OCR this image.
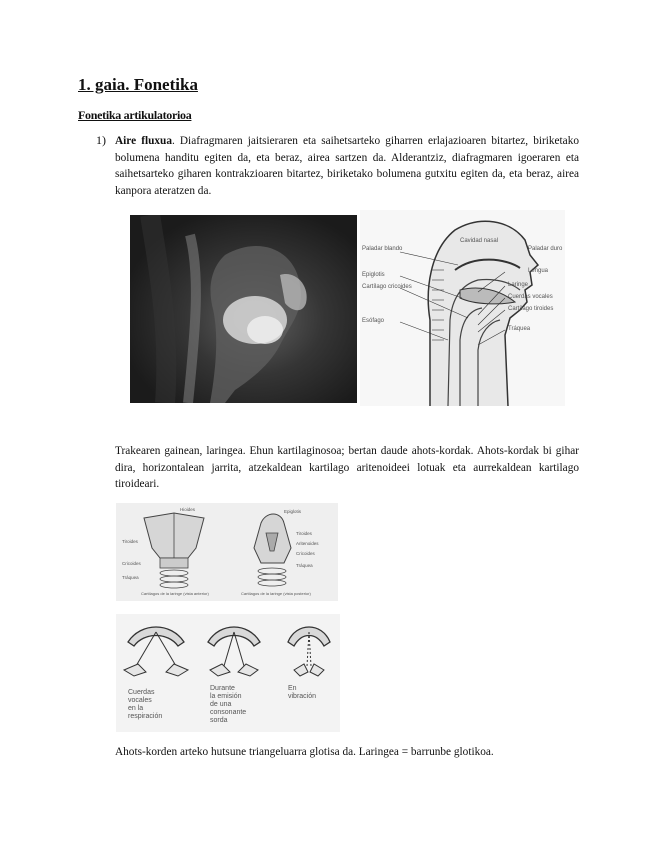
1. gaia. Fonetika
Fonetika artikulatorioa
1) Aire fluxua. Diafragmaren jaitsieraren eta saihetsarteko giharren erlajazioaren bitartez, biriketako bolumena handitu egiten da, eta beraz, airea sartzen da. Alderantziz, diafragmaren igoeraren eta saihetsarteko giharen kontrakzioaren bitartez, biriketako bolumena gutxitu egiten da, eta beraz, airea kanpora ateratzen da.
Paladar blando
Cavidad nasal
Paladar duro
Epiglotis
Cartílago cricoides
Esófago
Lengua
Laringe
Cuerdas vocales
Cartílago tiroides
Tráquea
Trakearen gainean, laringea. Ehun kartilaginosoa; bertan daude ahots-kordak. Ahots-kordak bi gihar dira, horizontalean jarrita, atzekaldean kartilago aritenoideei lotuak eta aurrekaldean kartilago tiroideari.
Hioides
Tiroides
Cricoides
Tráquea
Cartílagos de la laringe (vista anterior)
Epiglotis
Tiroides
Aritenoides
Cricoides
Tráquea
Cartílagos de la laringe (vista posterior)
Cuerdas
vocales
en la
respiración
Durante
la emisión
de una
consonante
sorda
En
vibración
Ahots-korden arteko hutsune triangeluarra glotisa da. Laringea = barrunbe glotikoa.
